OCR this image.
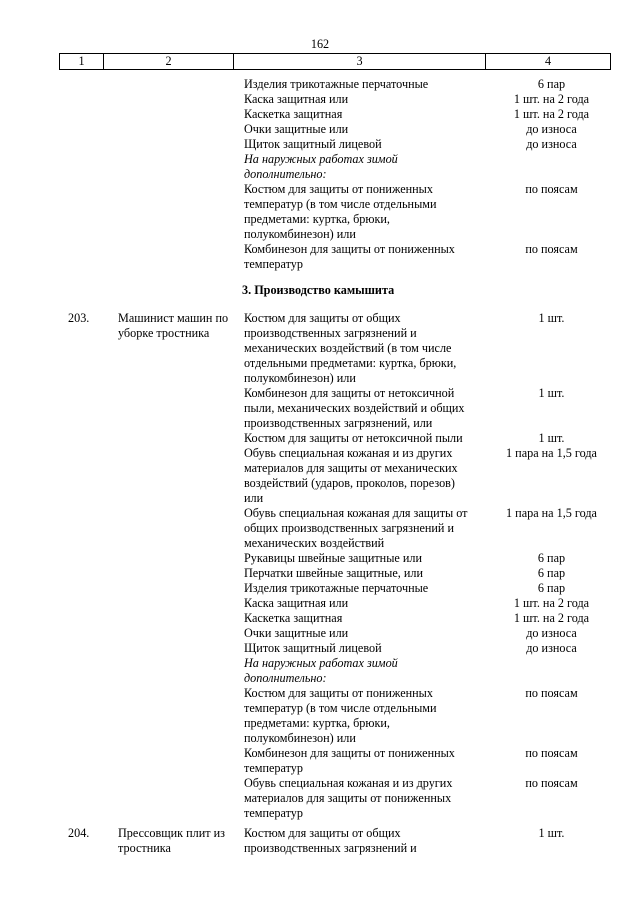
162
1	2	3	4
Изделия трикотажные перчаточные	6 пар
Каска защитная или	1 шт. на 2 года
Каскетка защитная	1 шт. на 2 года
Очки защитные или	до износа
Щиток защитный лицевой	до износа
На наружных работах зимой
дополнительно:
Костюм для защиты от пониженных	по поясам
температур (в том числе отдельными
предметами: куртка, брюки,
полукомбинезон) или
Комбинезон для защиты от пониженных	по поясам
температур
3. Производство камышита
203.	Машинист машин по	Костюм для защиты от общих	1 шт.
уборке тростника	производственных загрязнений и
механических воздействий (в том числе
отдельными предметами: куртка, брюки,
полукомбинезон) или
Комбинезон для защиты от нетоксичной	1 шт.
пыли, механических воздействий и общих
производственных загрязнений, или
Костюм для защиты от нетоксичной пыли	1 шт.
Обувь специальная кожаная и из других	1 пара на 1,5 года
материалов для защиты от механических
воздействий (ударов, проколов, порезов)
или
Обувь специальная кожаная для защиты от	1 пара на 1,5 года
общих производственных загрязнений и
механических воздействий
Рукавицы швейные защитные или	6 пар
Перчатки швейные защитные, или	6 пар
Изделия трикотажные перчаточные	6 пар
Каска защитная или	1 шт. на 2 года
Каскетка защитная	1 шт. на 2 года
Очки защитные или	до износа
Щиток защитный лицевой	до износа
На наружных работах зимой
дополнительно:
Костюм для защиты от пониженных	по поясам
температур (в том числе отдельными
предметами: куртка, брюки,
полукомбинезон) или
Комбинезон для защиты от пониженных	по поясам
температур
Обувь специальная кожаная и из других	по поясам
материалов для защиты от пониженных
температур
204.	Прессовщик плит из	Костюм для защиты от общих	1 шт.
тростника	производственных загрязнений и
